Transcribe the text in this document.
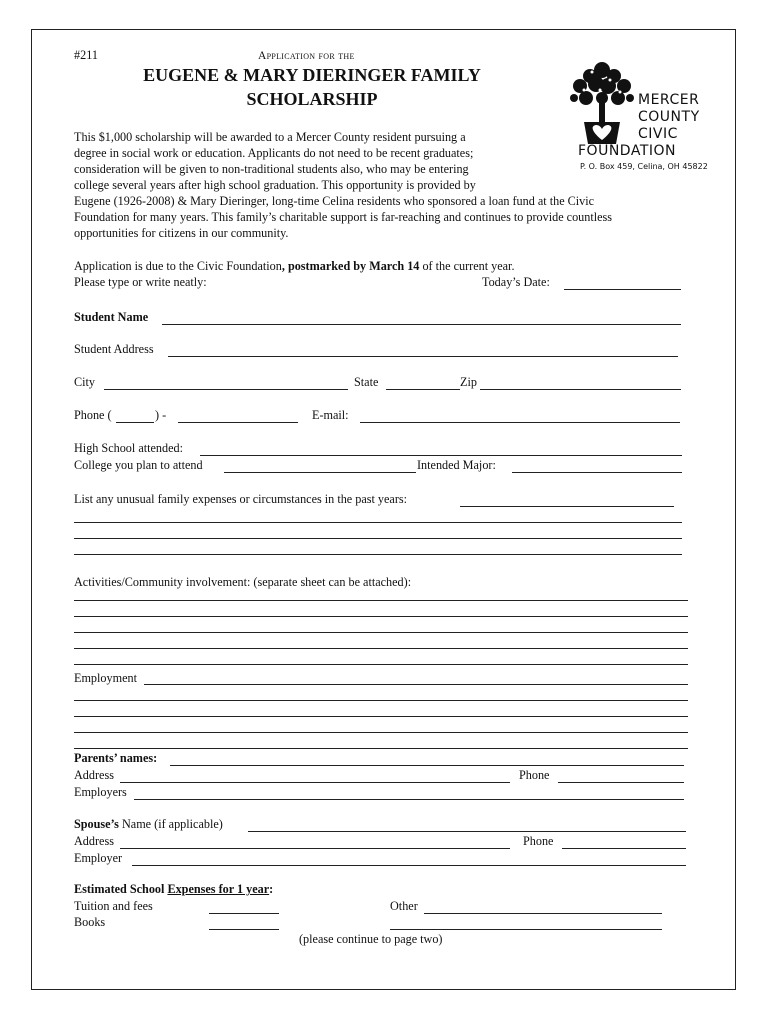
#211	Application for the
EUGENE & MARY DIERINGER FAMILY
SCHOLARSHIP	MERCER
COUNTY
CIVIC
FOUNDATION
P. O. Box 459, Celina, OH 45822
This $1,000 scholarship will be awarded to a Mercer County resident pursuing a
degree in social work or education. Applicants do not need to be recent graduates;
consideration will be given to non-traditional students also, who may be entering
college several years after high school graduation. This opportunity is provided by
Eugene (1926-2008) & Mary Dieringer, long-time Celina residents who sponsored a loan fund at the Civic
Foundation for many years. This family’s charitable support is far-reaching and continues to provide countless
opportunities for citizens in our community.
Application is due to the Civic Foundation, postmarked by March 14 of the current year.
Please type or write neatly:	Today’s Date:
Student Name
Student Address
City	State	Zip
Phone (	) -	E-mail:
High School attended:
College you plan to attend	Intended Major:
List any unusual family expenses or circumstances in the past years:
Activities/Community involvement: (separate sheet can be attached):
Employment
Parents’ names:
Address	Phone
Employers
Spouse’s Name (if applicable)
Address	Phone
Employer
Estimated School Expenses for 1 year:
Tuition and fees	Other
Books
(please continue to page two)
